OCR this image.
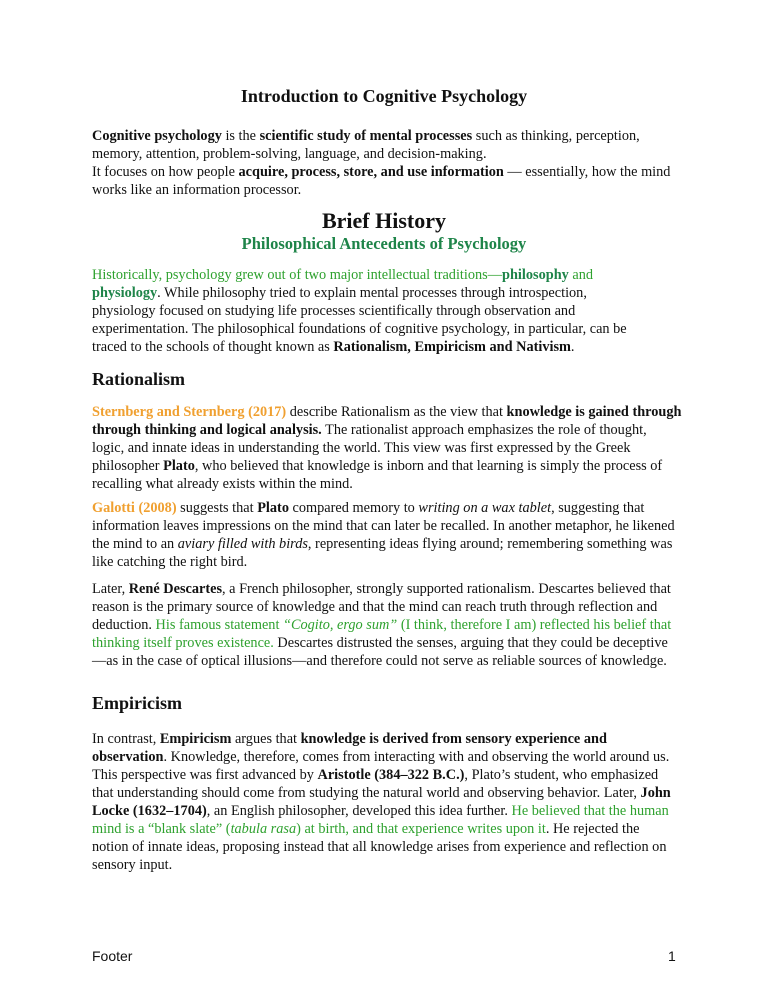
Introduction to Cognitive Psychology

Cognitive psychology is the scientific study of mental processes such as thinking, perception, memory, attention, problem-solving, language, and decision-making.
It focuses on how people acquire, process, store, and use information — essentially, how the mind works like an information processor.

Brief History
Philosophical Antecedents of Psychology

Historically, psychology grew out of two major intellectual traditions—philosophy and physiology. While philosophy tried to explain mental processes through introspection, physiology focused on studying life processes scientifically through observation and experimentation. The philosophical foundations of cognitive psychology, in particular, can be traced to the schools of thought known as Rationalism, Empiricism and Nativism.

Rationalism

Sternberg and Sternberg (2017) describe Rationalism as the view that knowledge is gained through through thinking and logical analysis. The rationalist approach emphasizes the role of thought, logic, and innate ideas in understanding the world. This view was first expressed by the Greek philosopher Plato, who believed that knowledge is inborn and that learning is simply the process of recalling what already exists within the mind.

Galotti (2008) suggests that Plato compared memory to writing on a wax tablet, suggesting that information leaves impressions on the mind that can later be recalled. In another metaphor, he likened the mind to an aviary filled with birds, representing ideas flying around; remembering something was like catching the right bird.

Later, René Descartes, a French philosopher, strongly supported rationalism. Descartes believed that reason is the primary source of knowledge and that the mind can reach truth through reflection and deduction. His famous statement “Cogito, ergo sum” (I think, therefore I am) reflected his belief that thinking itself proves existence. Descartes distrusted the senses, arguing that they could be deceptive—as in the case of optical illusions—and therefore could not serve as reliable sources of knowledge.

Empiricism

In contrast, Empiricism argues that knowledge is derived from sensory experience and observation. Knowledge, therefore, comes from interacting with and observing the world around us. This perspective was first advanced by Aristotle (384–322 B.C.), Plato’s student, who emphasized that understanding should come from studying the natural world and observing behavior. Later, John Locke (1632–1704), an English philosopher, developed this idea further. He believed that the human mind is a “blank slate” (tabula rasa) at birth, and that experience writes upon it. He rejected the notion of innate ideas, proposing instead that all knowledge arises from experience and reflection on sensory input.

Footer	1
